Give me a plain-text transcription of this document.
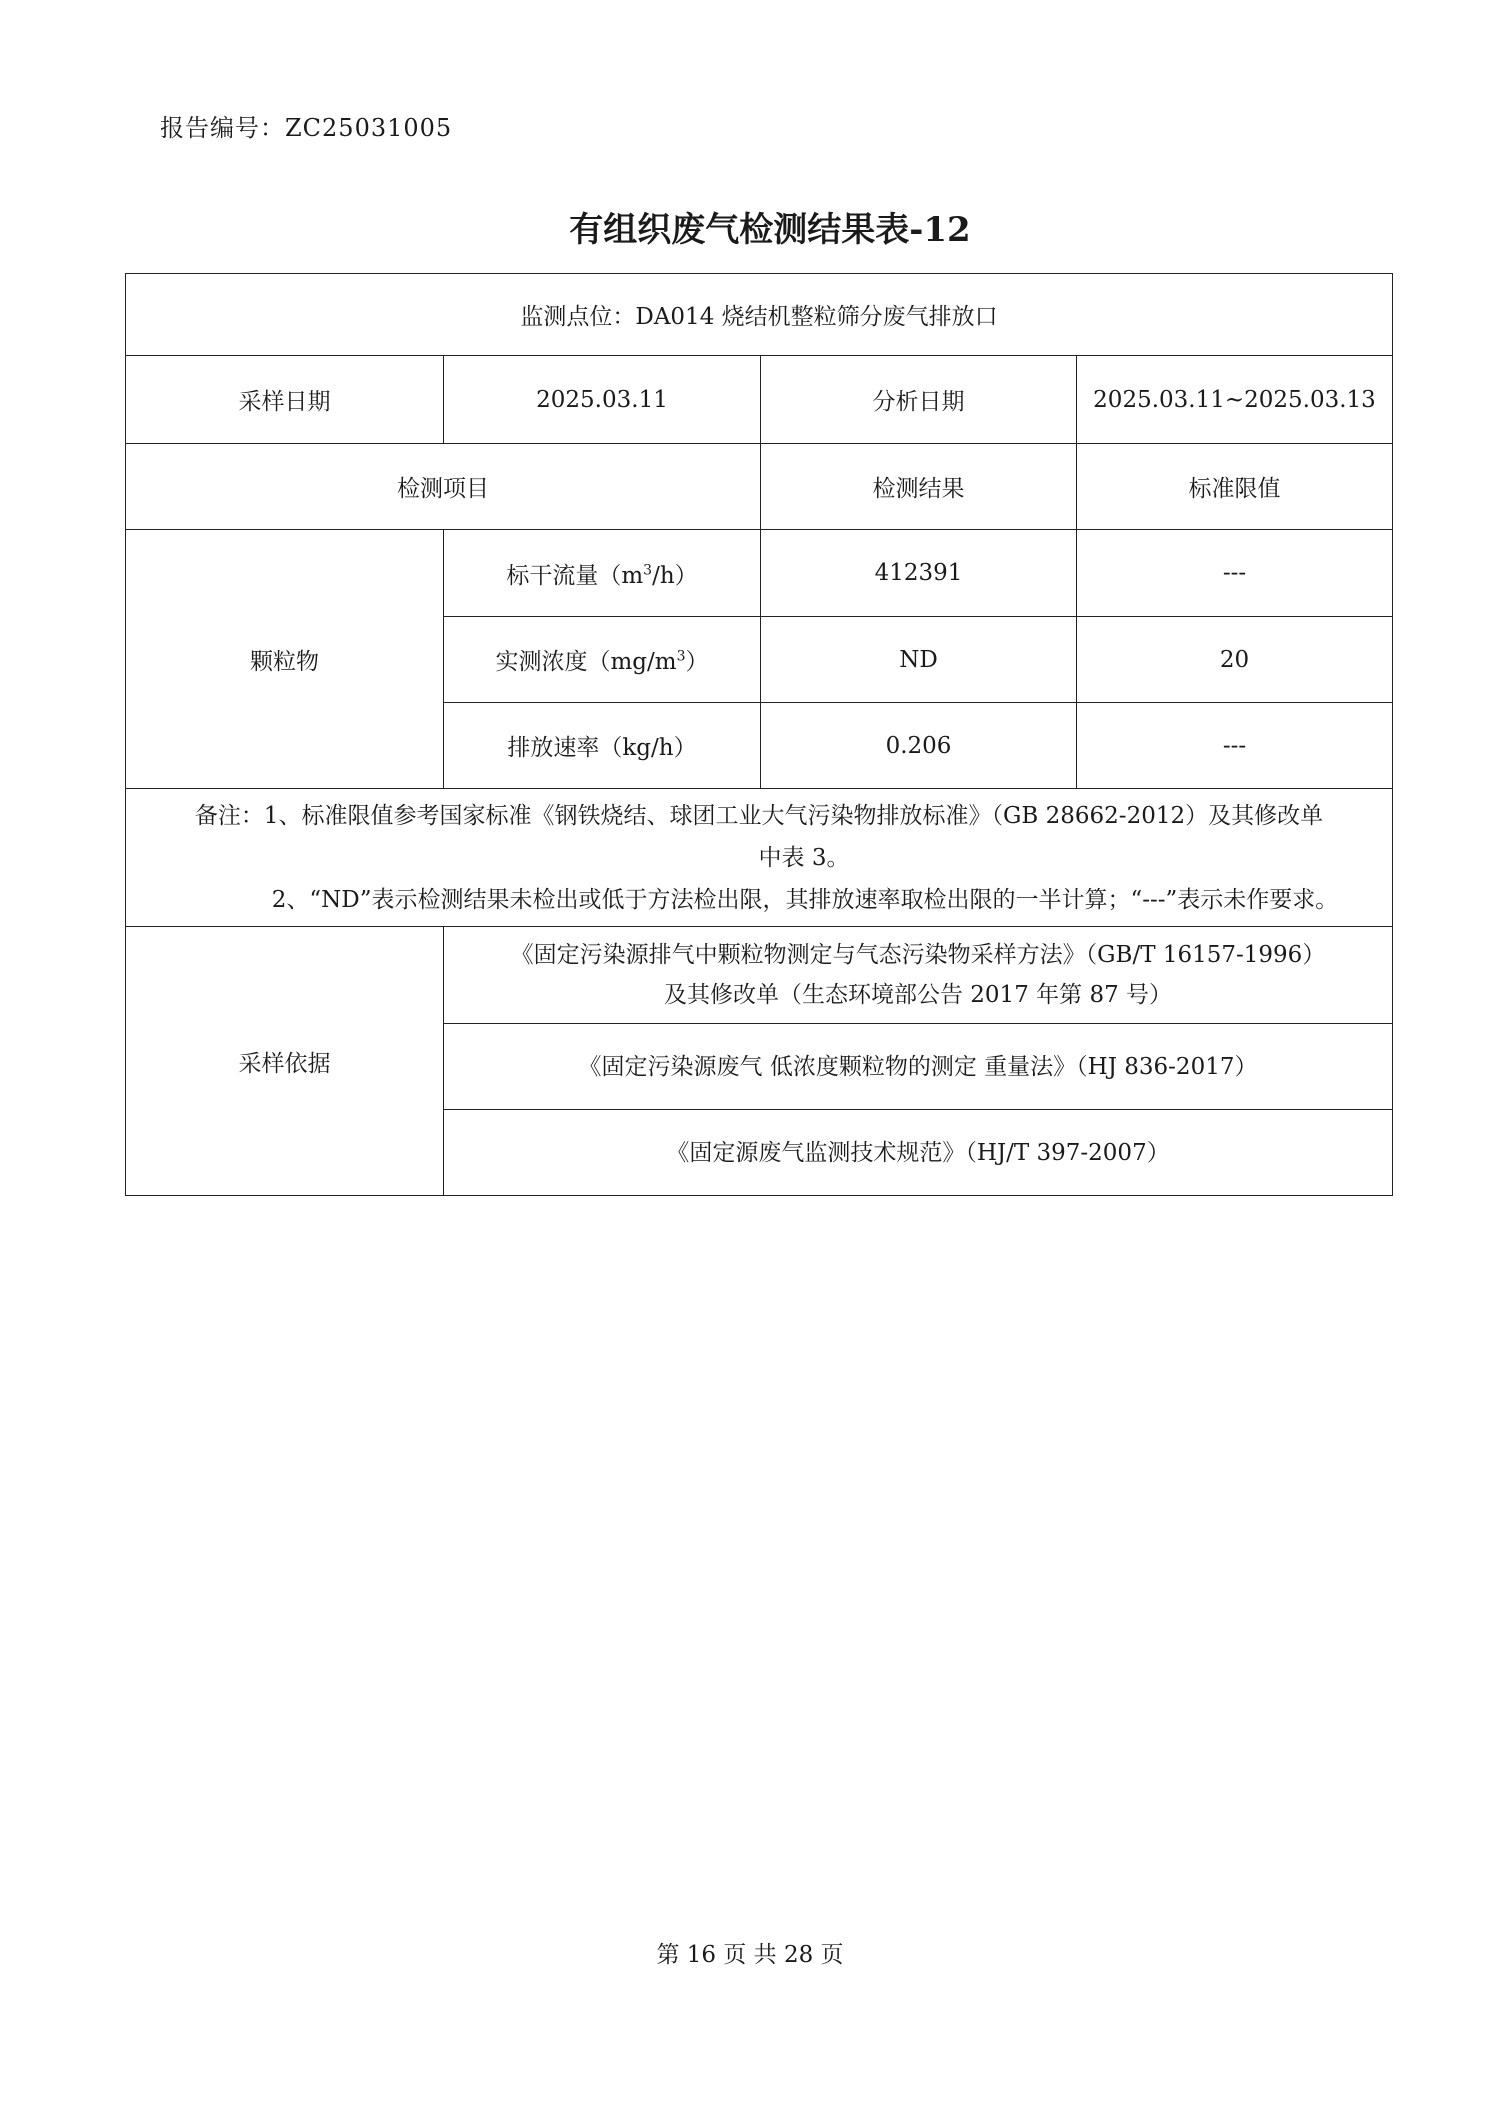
报告编号：ZC25031005
有组织废气检测结果表-12
监测点位：DA014 烧结机整粒筛分废气排放口			
采样日期	2025.03.11	分析日期	2025.03.11~2025.03.13
检测项目		检测结果	标准限值
颗粒物	标干流量$(m^3/h)$	412391	---
	实测浓度$(mg/m^3)$	ND	20
	排放速率（kg/h）	0.206	---

备注：1、标准限值参考国家标准《钢铁烧结、球团工业大气污染物排放标准》（GB 28662-2012）及其修改单
中表 3。
2、“ND”表示检测结果未检出或低于方法检出限，其排放速率取检出限的一半计算；“---”表示未作要求。			

采样依据	《固定污染源排气中颗粒物测定与气态污染物采样方法》（GB/T 16157-1996）
及其修改单（生态环境部公告 2017 年第 87 号）		

	《固定污染源废气 低浓度颗粒物的测定 重量法》（HJ 836-2017）		

	《固定源废气监测技术规范》（HJ/T 397-2007）		
第 16 页 共 28 页
